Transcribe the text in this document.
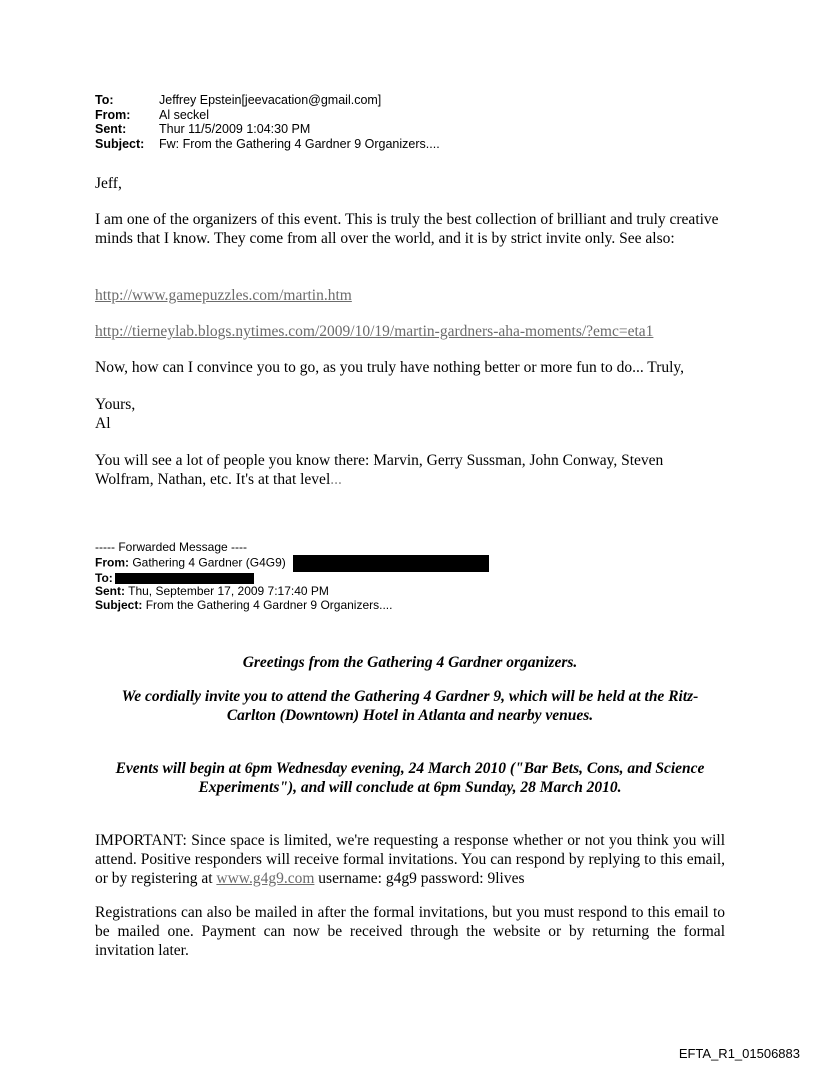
To:	Jeffrey Epstein[jeevacation@gmail.com]
From:	Al seckel
Sent:	Thur 11/5/2009 1:04:30 PM
Subject:	Fw: From the Gathering 4 Gardner 9 Organizers....
Jeff,
I am one of the organizers of this event. This is truly the best collection of brilliant and truly creative minds that I know. They come from all over the world, and it is by strict invite only. See also:
http://www.gamepuzzles.com/martin.htm
http://tierneylab.blogs.nytimes.com/2009/10/19/martin-gardners-aha-moments/?emc=eta1
Now, how can I convince you to go, as you truly have nothing better or more fun to do... Truly,
Yours,
Al
You will see a lot of people you know there: Marvin, Gerry Sussman, John Conway, Steven Wolfram, Nathan, etc. It's at that level...
----- Forwarded Message ----
From: Gathering 4 Gardner (G4G9)
To:
Sent: Thu, September 17, 2009 7:17:40 PM
Subject: From the Gathering 4 Gardner 9 Organizers....
Greetings from the Gathering 4 Gardner organizers.
We cordially invite you to attend the Gathering 4 Gardner 9, which will be held at the Ritz-Carlton (Downtown) Hotel in Atlanta and nearby venues.
Events will begin at 6pm Wednesday evening, 24 March 2010 ("Bar Bets, Cons, and Science Experiments"), and will conclude at 6pm Sunday, 28 March 2010.
IMPORTANT: Since space is limited, we're requesting a response whether or not you think you will attend. Positive responders will receive formal invitations. You can respond by replying to this email, or by registering at www.g4g9.com username: g4g9 password: 9lives
Registrations can also be mailed in after the formal invitations, but you must respond to this email to be mailed one. Payment can now be received through the website or by returning the formal invitation later.
EFTA_R1_01506883
